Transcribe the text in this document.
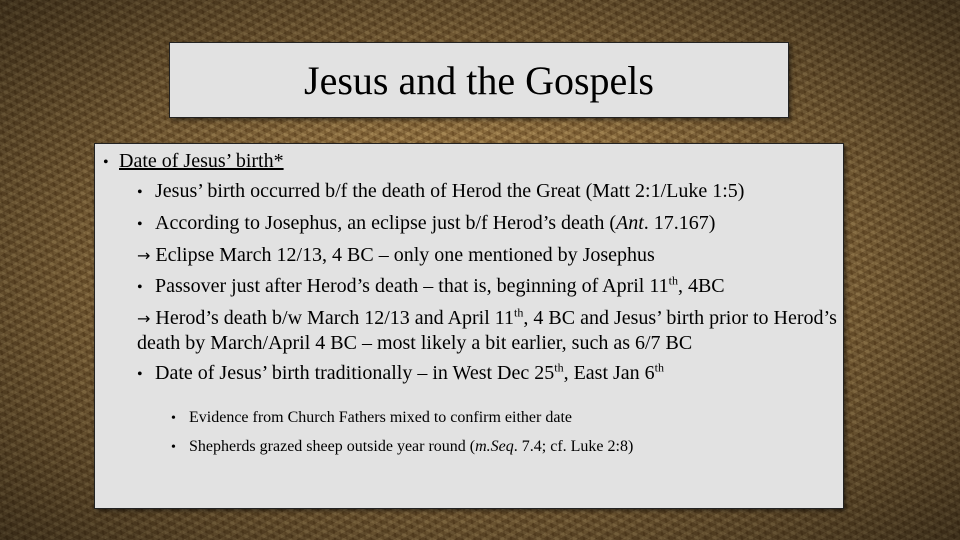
Jesus and the Gospels
• Date of Jesus’ birth*
• Jesus’ birth occurred b/f the death of Herod the Great (Matt 2:1/Luke 1:5)
• According to Josephus, an eclipse just b/f Herod’s death (Ant. 17.167)
→ Eclipse March 12/13, 4 BC – only one mentioned by Josephus
• Passover just after Herod’s death – that is, beginning of April 11th, 4BC
→ Herod’s death b/w March 12/13 and April 11th, 4 BC and Jesus’ birth prior to Herod’s death by March/April 4 BC – most likely a bit earlier, such as 6/7 BC
• Date of Jesus’ birth traditionally – in West Dec 25th, East Jan 6th
• Evidence from Church Fathers mixed to confirm either date
• Shepherds grazed sheep outside year round (m.Seq. 7.4; cf. Luke 2:8)
